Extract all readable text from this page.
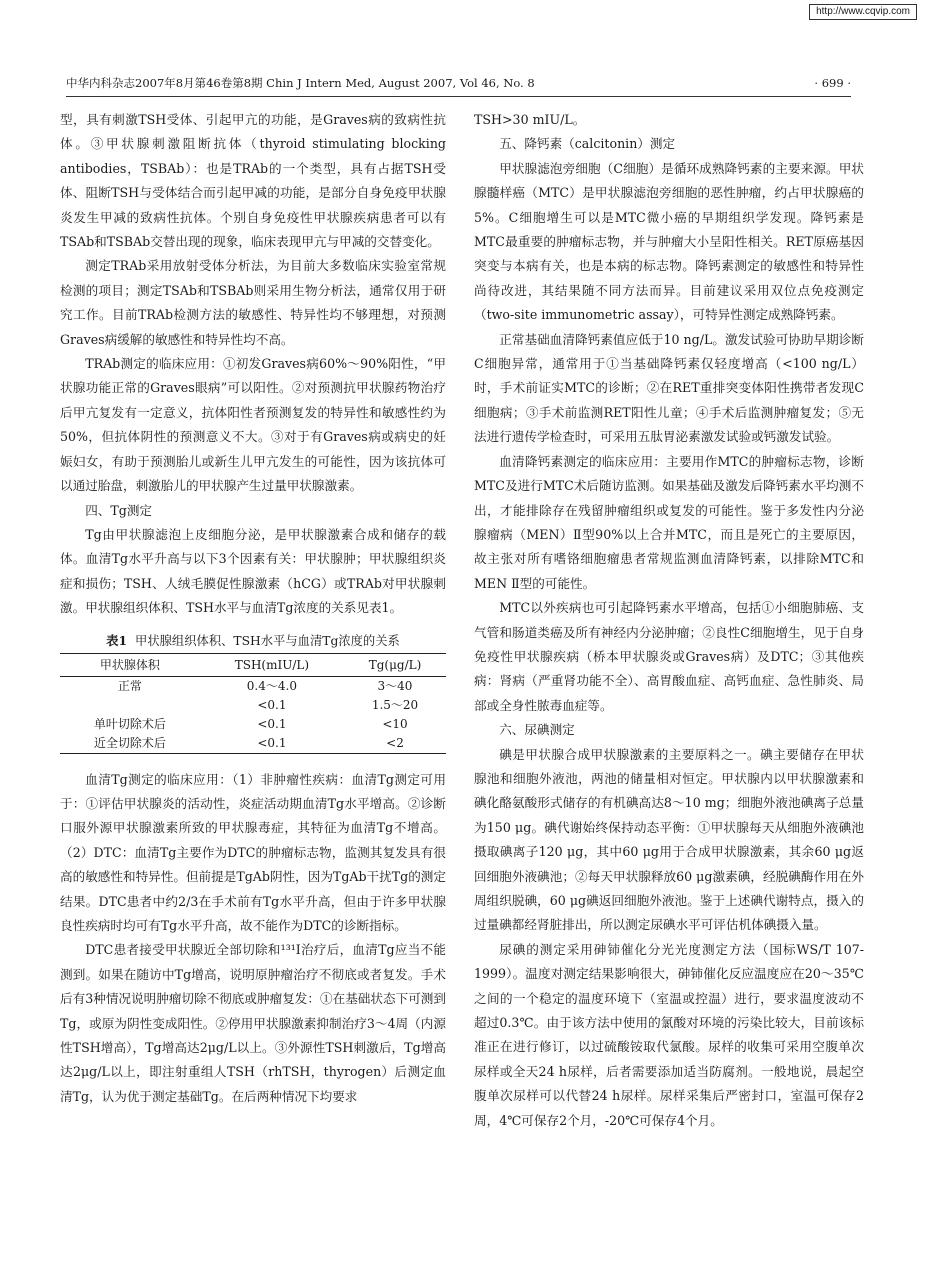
http://www.cqvip.com
中华内科杂志2007年8月第46卷第8期 Chin J Intern Med, August 2007, Vol 46, No. 8	· 699 ·

型，具有刺激TSH受体、引起甲亢的功能，是Graves病的致病性抗体。③甲状腺刺激阻断抗体（thyroid stimulating blocking antibodies，TSBAb）：也是TRAb的一个类型，具有占据TSH受体、阻断TSH与受体结合而引起甲减的功能，是部分自身免疫甲状腺炎发生甲减的致病性抗体。个别自身免疫性甲状腺疾病患者可以有TSAb和TSBAb交替出现的现象，临床表现甲亢与甲减的交替变化。

测定TRAb采用放射受体分析法，为目前大多数临床实验室常规检测的项目；测定TSAb和TSBAb则采用生物分析法，通常仅用于研究工作。目前TRAb检测方法的敏感性、特异性均不够理想，对预测Graves病缓解的敏感性和特异性均不高。

TRAb测定的临床应用：①初发Graves病60%～90%阳性，“甲状腺功能正常的Graves眼病”可以阳性。②对预测抗甲状腺药物治疗后甲亢复发有一定意义，抗体阳性者预测复发的特异性和敏感性约为50%，但抗体阴性的预测意义不大。③对于有Graves病或病史的妊娠妇女，有助于预测胎儿或新生儿甲亢发生的可能性，因为该抗体可以通过胎盘，刺激胎儿的甲状腺产生过量甲状腺激素。

四、Tg测定

Tg由甲状腺滤泡上皮细胞分泌，是甲状腺激素合成和储存的载体。血清Tg水平升高与以下3个因素有关：甲状腺肿；甲状腺组织炎症和损伤；TSH、人绒毛膜促性腺激素（hCG）或TRAb对甲状腺刺激。甲状腺组织体积、TSH水平与血清Tg浓度的关系见表1。

表1 甲状腺组织体积、TSH水平与血清Tg浓度的关系
甲状腺体积	TSH(mIU/L)	Tg(μg/L)
正常	0.4～4.0	3～40
	<0.1	1.5～20
单叶切除术后	<0.1	<10
近全切除术后	<0.1	<2

血清Tg测定的临床应用：（1）非肿瘤性疾病：血清Tg测定可用于：①评估甲状腺炎的活动性，炎症活动期血清Tg水平增高。②诊断口服外源甲状腺激素所致的甲状腺毒症，其特征为血清Tg不增高。（2）DTC：血清Tg主要作为DTC的肿瘤标志物，监测其复发具有很高的敏感性和特异性。但前提是TgAb阴性，因为TgAb干扰Tg的测定结果。DTC患者中约2/3在手术前有Tg水平升高，但由于许多甲状腺良性疾病时均可有Tg水平升高，故不能作为DTC的诊断指标。

DTC患者接受甲状腺近全部切除和¹³¹I治疗后，血清Tg应当不能测到。如果在随访中Tg增高，说明原肿瘤治疗不彻底或者复发。手术后有3种情况说明肿瘤切除不彻底或肿瘤复发：①在基础状态下可测到Tg，或原为阴性变成阳性。②停用甲状腺激素抑制治疗3～4周（内源性TSH增高），Tg增高达2μg/L以上。③外源性TSH刺激后，Tg增高达2μg/L以上，即注射重组人TSH（rhTSH，thyrogen）后测定血清Tg，认为优于测定基础Tg。在后两种情况下均要求

TSH>30 mIU/L。

五、降钙素（calcitonin）测定

甲状腺滤泡旁细胞（C细胞）是循环成熟降钙素的主要来源。甲状腺髓样癌（MTC）是甲状腺滤泡旁细胞的恶性肿瘤，约占甲状腺癌的5%。C细胞增生可以是MTC微小癌的早期组织学发现。降钙素是MTC最重要的肿瘤标志物，并与肿瘤大小呈阳性相关。RET原癌基因突变与本病有关，也是本病的标志物。降钙素测定的敏感性和特异性尚待改进，其结果随不同方法而异。目前建议采用双位点免疫测定（two-site immunometric assay），可特异性测定成熟降钙素。

正常基础血清降钙素值应低于10 ng/L。激发试验可协助早期诊断C细胞异常，通常用于①当基础降钙素仅轻度增高（<100 ng/L）时，手术前证实MTC的诊断；②在RET重排突变体阳性携带者发现C细胞病；③手术前监测RET阳性儿童；④手术后监测肿瘤复发；⑤无法进行遗传学检查时，可采用五肽胃泌素激发试验或钙激发试验。

血清降钙素测定的临床应用：主要用作MTC的肿瘤标志物，诊断MTC及进行MTC术后随访监测。如果基础及激发后降钙素水平均测不出，才能排除存在残留肿瘤组织或复发的可能性。鉴于多发性内分泌腺瘤病（MEN）Ⅱ型90%以上合并MTC，而且是死亡的主要原因，故主张对所有嗜铬细胞瘤患者常规监测血清降钙素，以排除MTC和MEN Ⅱ型的可能性。

MTC以外疾病也可引起降钙素水平增高，包括①小细胞肺癌、支气管和肠道类癌及所有神经内分泌肿瘤；②良性C细胞增生，见于自身免疫性甲状腺疾病（桥本甲状腺炎或Graves病）及DTC；③其他疾病：肾病（严重肾功能不全）、高胃酸血症、高钙血症、急性肺炎、局部或全身性脓毒血症等。

六、尿碘测定

碘是甲状腺合成甲状腺激素的主要原料之一。碘主要储存在甲状腺池和细胞外液池，两池的储量相对恒定。甲状腺内以甲状腺激素和碘化酪氨酸形式储存的有机碘高达8～10 mg；细胞外液池碘离子总量为150 μg。碘代谢始终保持动态平衡：①甲状腺每天从细胞外液碘池摄取碘离子120 μg，其中60 μg用于合成甲状腺激素，其余60 μg返回细胞外液碘池；②每天甲状腺释放60 μg激素碘，经脱碘酶作用在外周组织脱碘，60 μg碘返回细胞外液池。鉴于上述碘代谢特点，摄入的过量碘都经肾脏排出，所以测定尿碘水平可评估机体碘摄入量。

尿碘的测定采用砷铈催化分光光度测定方法（国标WS/T 107-1999）。温度对测定结果影响很大，砷铈催化反应温度应在20～35℃之间的一个稳定的温度环境下（室温或控温）进行，要求温度波动不超过0.3℃。由于该方法中使用的氯酸对环境的污染比较大，目前该标准正在进行修订，以过硫酸铵取代氯酸。尿样的收集可采用空腹单次尿样或全天24 h尿样，后者需要添加适当防腐剂。一般地说，晨起空腹单次尿样可以代替24 h尿样。尿样采集后严密封口，室温可保存2周，4℃可保存2个月，-20℃可保存4个月。
